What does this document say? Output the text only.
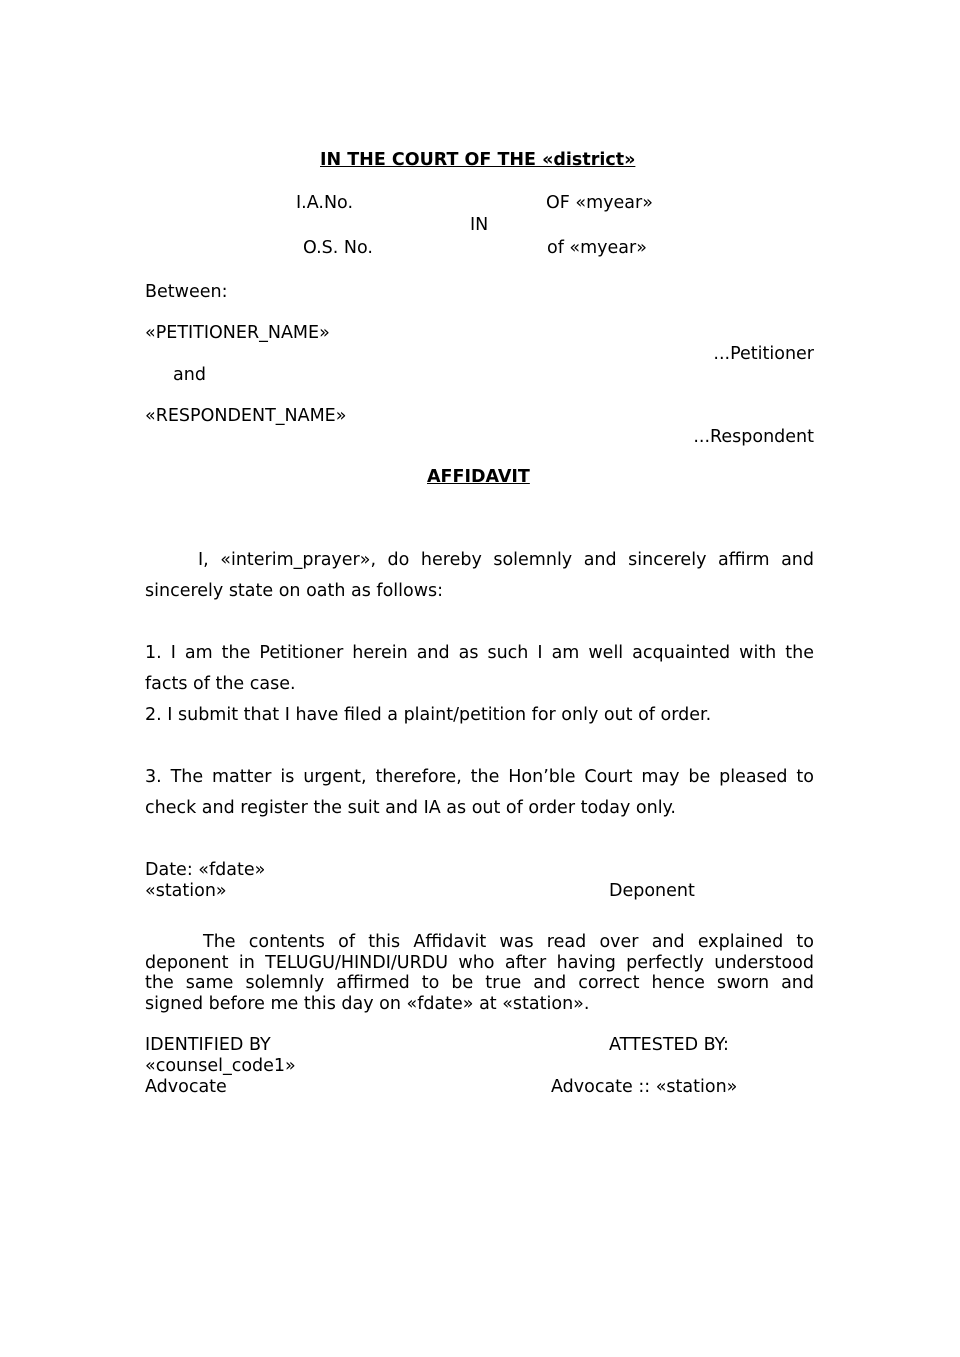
IN THE COURT OF THE «district»
I.A.No.	OF «myear»
IN
O.S. No.	of «myear»
Between:
«PETITIONER_NAME»
...Petitioner
and
«RESPONDENT_NAME»
...Respondent
AFFIDAVIT
I, «interim_prayer», do hereby solemnly and sincerely affirm and
sincerely state on oath as follows:
1. I am the Petitioner herein and as such I am well acquainted with the
facts of the case.
2. I submit that I have filed a plaint/petition for only out of order.
3. The matter is urgent, therefore, the Hon’ble Court may be pleased to
check and register the suit and IA as out of order today only.
Date: «fdate»
«station»	Deponent
The contents of this Affidavit was read over and explained to
deponent in TELUGU/HINDI/URDU who after having perfectly understood
the same solemnly affirmed to be true and correct hence sworn and
signed before me this day on «fdate» at «station».
IDENTIFIED BY	ATTESTED BY:
«counsel_code1»
Advocate	Advocate :: «station»
